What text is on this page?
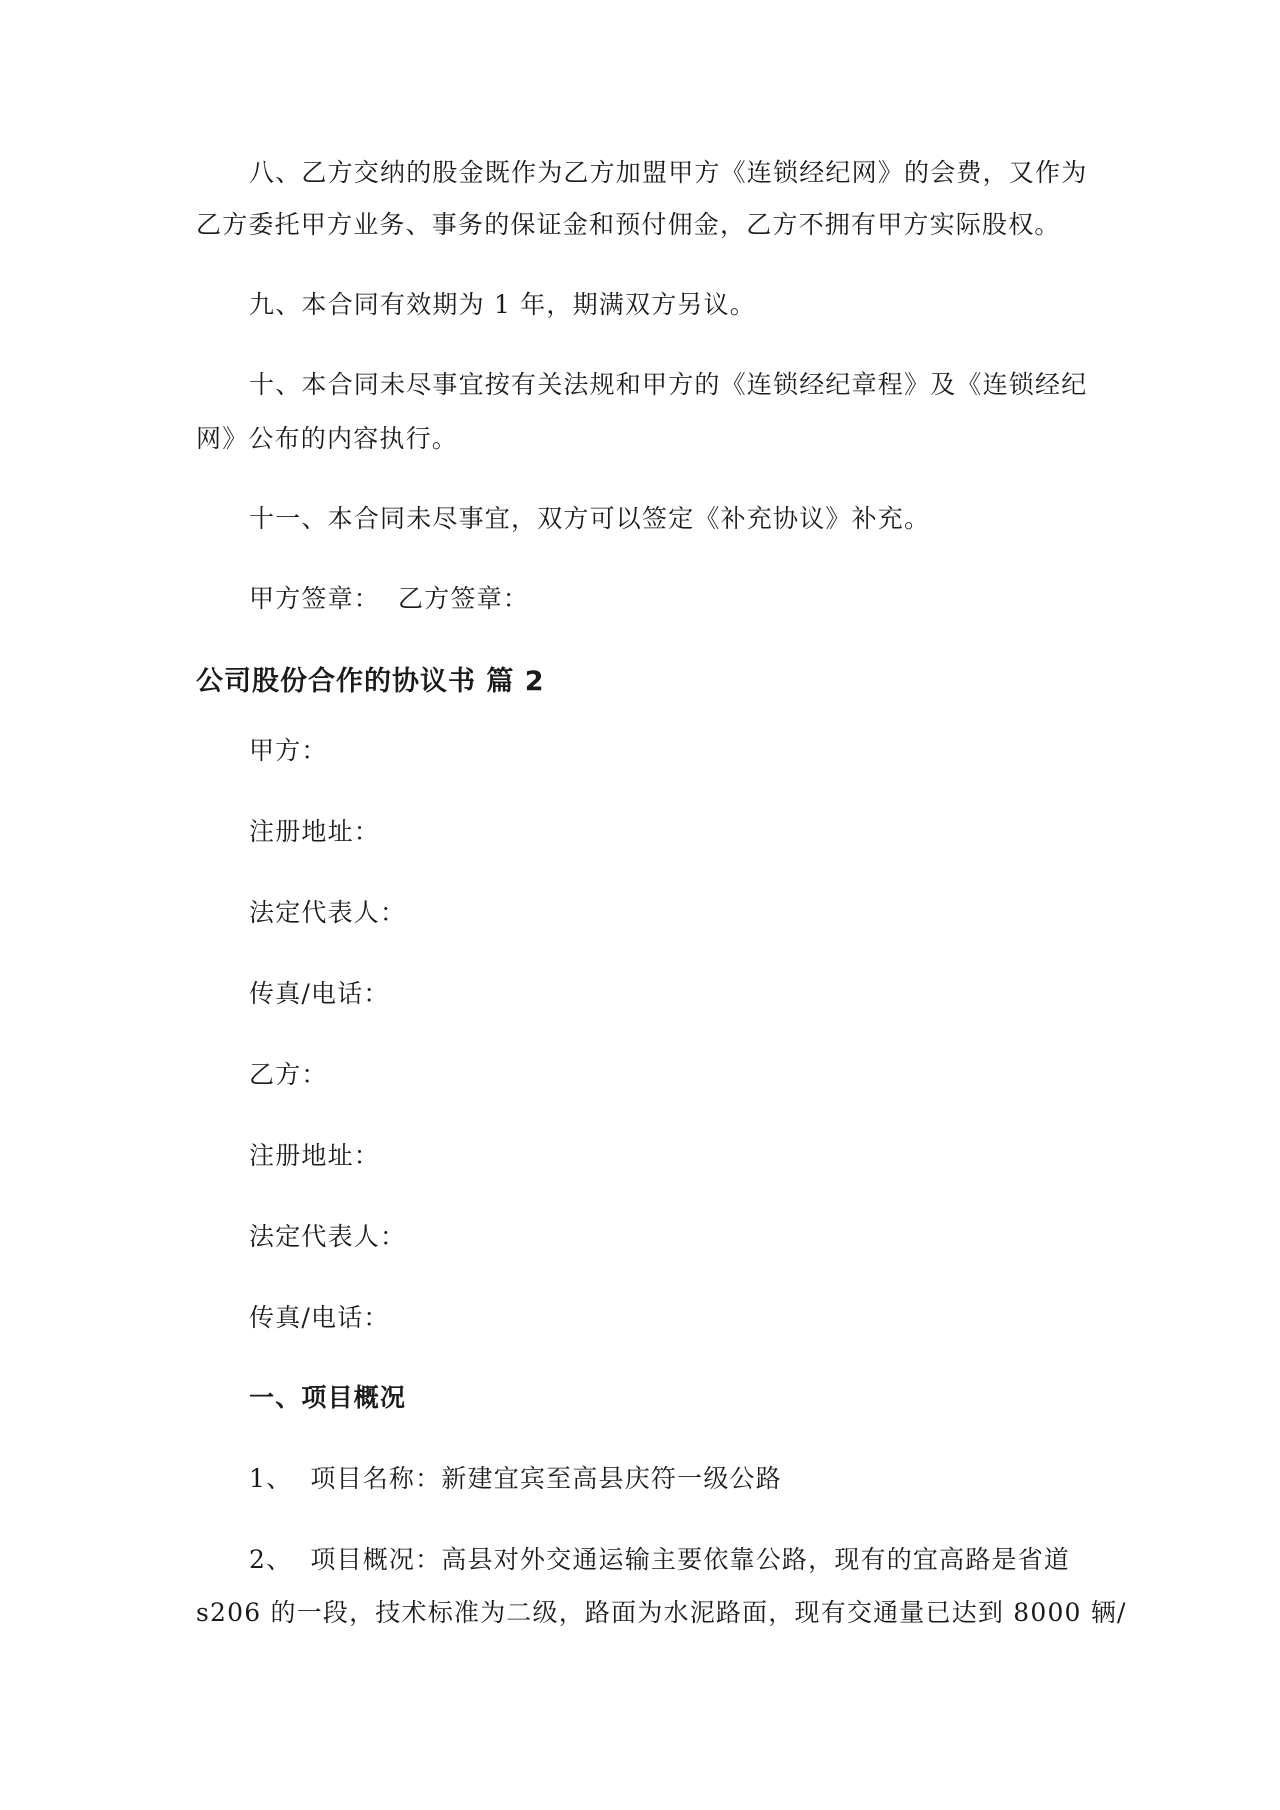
八、乙方交纳的股金既作为乙方加盟甲方《连锁经纪网》的会费，又作为
乙方委托甲方业务、事务的保证金和预付佣金，乙方不拥有甲方实际股权。
九、本合同有效期为 1 年，期满双方另议。
十、本合同未尽事宜按有关法规和甲方的《连锁经纪章程》及《连锁经纪
网》公布的内容执行。
十一、本合同未尽事宜，双方可以签定《补充协议》补充。
甲方签章： 乙方签章：
公司股份合作的协议书 篇 2
甲方：
注册地址：
法定代表人：
传真/电话：
乙方：
注册地址：
法定代表人：
传真/电话：
一、项目概况
1、 项目名称：新建宜宾至高县庆符一级公路
2、 项目概况：高县对外交通运输主要依靠公路，现有的宜高路是省道
s206 的一段，技术标准为二级，路面为水泥路面，现有交通量已达到 8000 辆/
